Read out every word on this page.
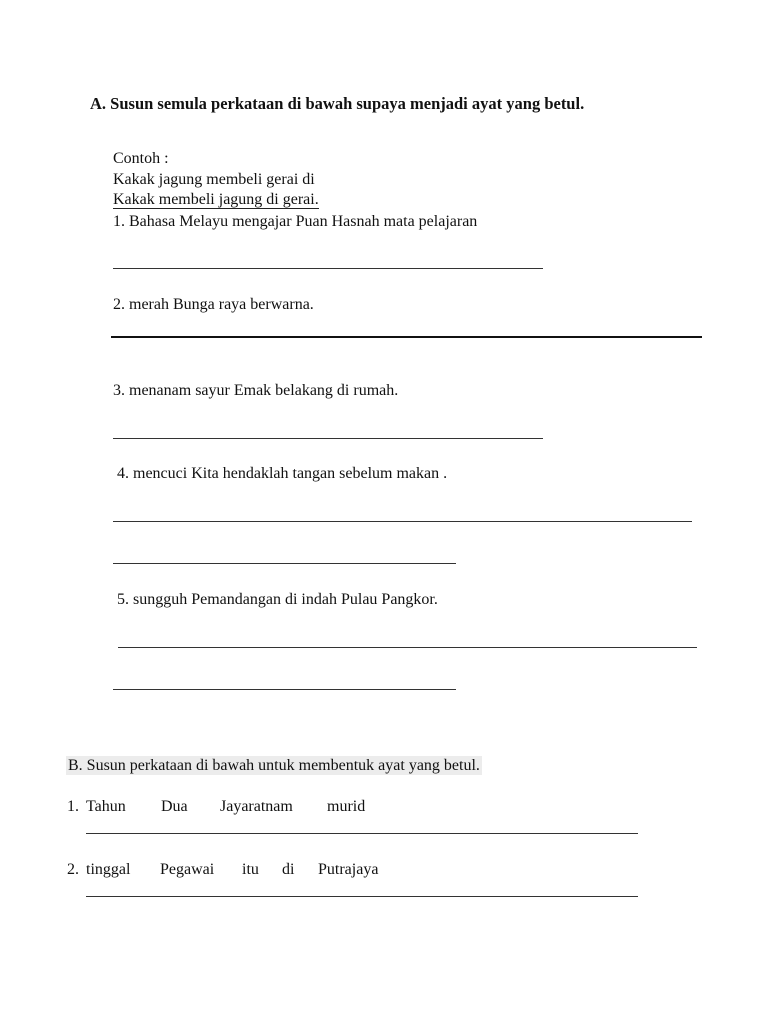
A. Susun semula perkataan di bawah supaya menjadi ayat yang betul.
Contoh :
Kakak jagung membeli gerai di
Kakak membeli jagung di gerai.
1. Bahasa Melayu mengajar Puan Hasnah mata pelajaran
2. merah Bunga raya berwarna.
3. menanam sayur Emak belakang di rumah.
4. mencuci Kita hendaklah tangan sebelum makan .
5. sungguh Pemandangan di indah Pulau Pangkor.
B. Susun perkataan di bawah untuk membentuk ayat yang betul.
1. Tahun Dua Jayaratnam murid
2. tinggal Pegawai itu di Putrajaya
